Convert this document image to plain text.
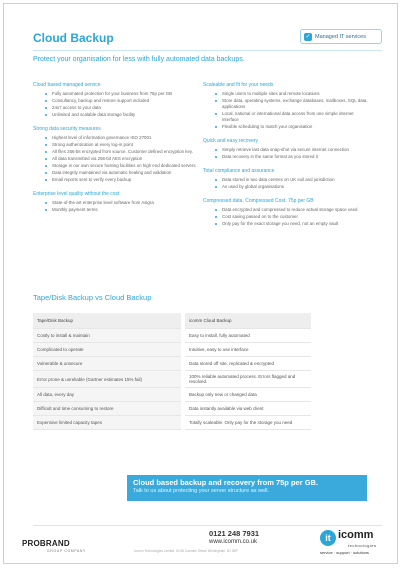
Cloud Backup	✓ Managed IT services
Protect your organisation for less with fully automated data backups.
Cloud based managed service
Fully automated protection for your business from 75p per GB
Consultancy, backup and restore support included
24x7 access to your data
Unlimited and scalable data storage facility
Strong data security measures
Highest level of information governance ISO 27001
Strong authentication at every log-in point
All files 256-bit encrypted from source. Customer defined encryption key.
All data transmitted via 256-bit AES encryption
Storage in our own secure hosting facilities on high end dedicated servers
Data integrity maintained via automatic healing and validation
Email reports sent to verify every backup
Enterprise level quality without the cost
State-of-the-art enterprise level software from Asigra
Monthly payment terms
Scaleable and fit for your needs
Single users to multiple sites and remote locations
Store data, operating systems, exchange databases, mailboxes, SQL data, applications
Local, national or international data access from one simple internet interface
Flexible scheduling to match your organisation
Quick and easy recovery
Simply retrieve last data snap-shot via secure internet connection
Data recovery in the same format as you stored it
Total compliance and assurance
Data stored in two data centres on UK soil and jurisdiction
As used by global organisations
Compressed data. Compressed Cost. 75p per GB
Data encrypted and compressed to reduce actual storage space used
Cost saving passed on to the customer
Only pay for the exact storage you need, not an empty vault
Tape/Disk Backup vs Cloud Backup
Tape/Disk Backup	icomm Cloud Backup
Costly to install & maintain	Easy to install, fully automated
Complicated to operate	Intuitive, easy to use interface
Vulnerable & unsecure	Data stored off site, replicated & encrypted
Error prone & unreliable (Gartner estimates 15% fail)	100% reliable automated process. Errors flagged and resolved.
All data, every day	Backup only new or changed data
Difficult and time consuming to restore	Data instantly available via web client
Expensive limited capacity tapes	Totally scaleable. Only pay for the storage you need
Cloud based backup and recovery from 75p per GB.
Talk to us about protecting your server structure as well.
PROBRAND
GROUP COMPANY
0121 248 7931
www.icomm.co.uk
Icomm Technologies Limited, 50-56 Camden Street, Birmingham, B1 3BP
it icomm
technologies
service · support · solutions
